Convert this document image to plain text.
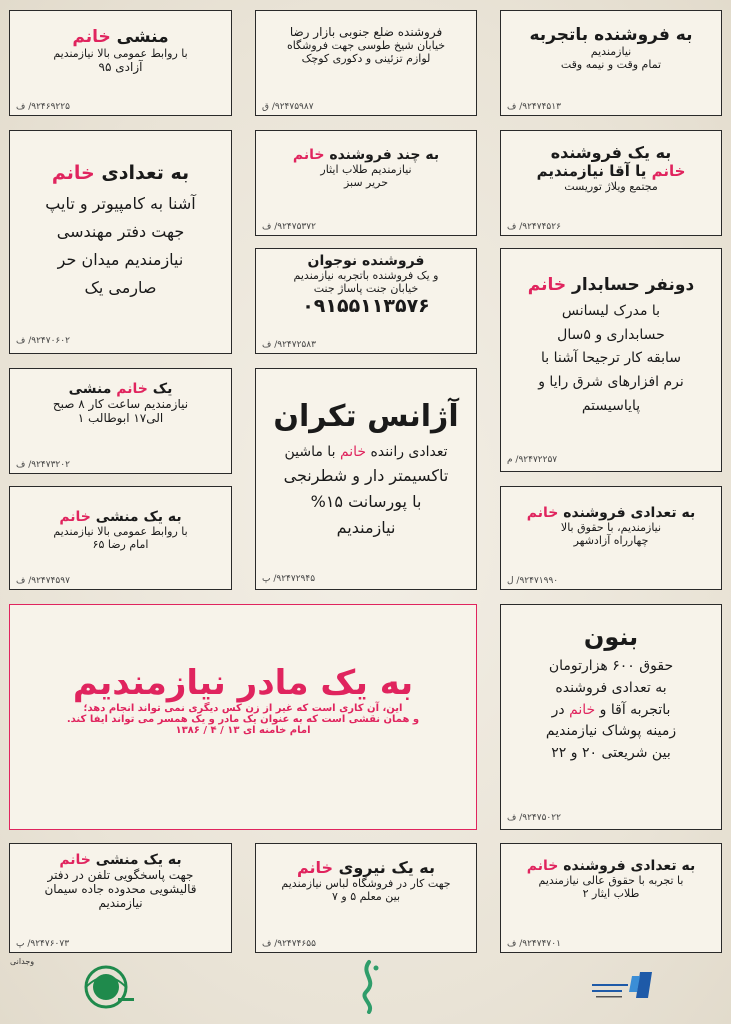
به فروشنده باتجربه
نیازمندیم
تمام وقت و نیمه وقت
۹۲۴۷۴۵۱۳/ ف
فروشنده ضلع جنوبی بازار رضا
خیابان شیخ طوسی جهت فروشگاه
لوازم تزئینی و دکوری کوچک
۹۲۴۷۵۹۸۷/ ق
منشی خانم
با روابط عمومی بالا نیازمندیم
آزادی ۹۵
۹۲۴۶۹۲۲۵/ ف
به یک فروشنده
خانم یا آقا نیازمندیم
مجتمع ویلاژ توریست
۹۲۴۷۴۵۲۶/ ف
به چند فروشنده خانم
نیازمندیم طلاب ایثار
حریر سبز
۹۲۴۷۵۳۷۲/ ف
به تعدادی خانم
آشنا به کامپیوتر و تایپ
جهت دفتر مهندسی
نیازمندیم میدان حر
صارمی یک
۹۲۴۷۰۶۰۲/ ف
فروشنده نوجوان
و یک فروشنده باتجربه نیازمندیم
خیابان جنت پاساژ جنت
۰۹۱۵۵۱۱۳۵۷۶
۹۲۴۷۲۵۸۳/ ف
دونفر حسابدار خانم
با مدرک لیسانس
حسابداری و ۵سال
سابقه کار ترجیحا آشنا با
نرم افزارهای شرق رایا و
پایاسیستم
۹۲۴۷۲۲۵۷/ م
یک خانم منشی
نیازمندیم ساعت کار ۸ صبح
الی۱۷ ابوطالب ۱
۹۲۴۷۳۲۰۲/ ف
آژانس تکران
تعدادی راننده خانم با ماشین
تاکسیمتر دار و شطرنجی
با پورسانت ۱۵%
نیازمندیم
۹۲۴۷۲۹۴۵/ پ
به یک منشی خانم
با روابط عمومی بالا نیازمندیم
امام رضا ۶۵
۹۲۴۷۴۵۹۷/ ف
به تعدادی فروشنده خانم
نیازمندیم، با حقوق بالا
چهارراه آزادشهر
۹۲۴۷۱۹۹۰/ ل
به یک مادر نیازمندیم
این، آن کاری است که غیر از زن کس دیگری نمی تواند انجام دهد؛
و همان نقشی است که به عنوان یک مادر و یک همسر می تواند ایفا کند.
امام خامنه ای ۱۳ / ۴ / ۱۳۸۶
بنون
حقوق ۶۰۰ هزارتومان
به تعدادی فروشنده
باتجربه آقا و خانم در
زمینه پوشاک نیازمندیم
بین شریعتی ۲۰ و ۲۲
۹۲۴۷۵۰۲۲/ ف
به یک منشی خانم
جهت پاسخگویی تلفن در دفتر
قالیشویی محدوده جاده سیمان
نیازمندیم
۹۲۴۷۶۰۷۳/ پ
به یک نیروی خانم
جهت کار در فروشگاه لباس نیازمندیم
بین معلم ۵ و ۷
۹۲۴۷۴۶۵۵/ ف
به تعدادی فروشنده خانم
با تجربه با حقوق عالی نیازمندیم
طلاب ایثار ۲
۹۲۴۷۴۷۰۱/ ف
وجدانی
